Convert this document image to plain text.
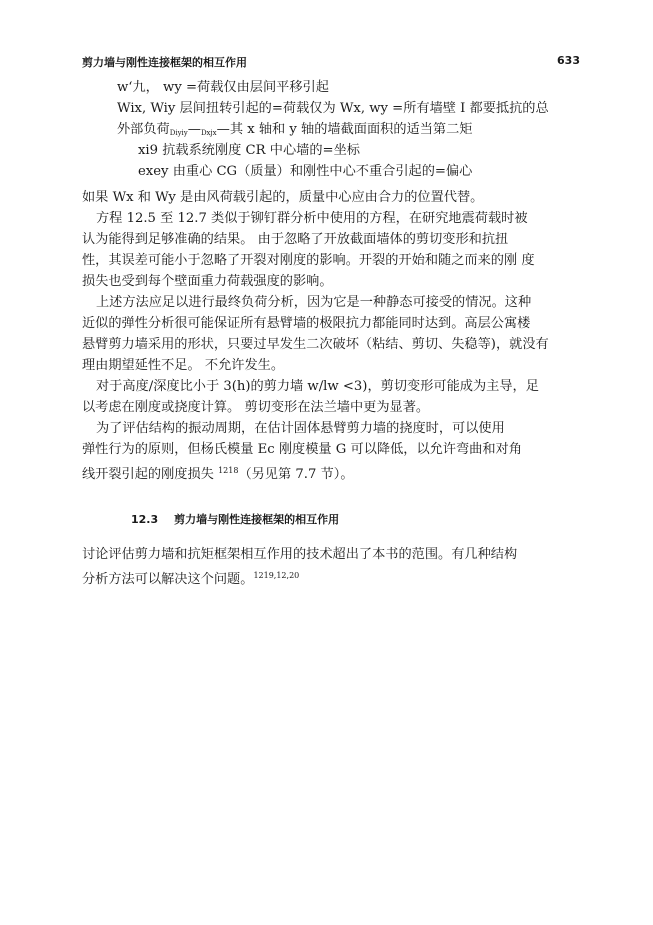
剪力墙与刚性连接框架的相互作用	633
w‘九， wy =荷载仅由层间平移引起
Wix, Wiy 层间扭转引起的=荷载仅为 Wx, wy =所有墙壁 I 都要抵抗的总
外部负荷$_{Diyiy}—_{Dxjx}—$其 x 轴和 y 轴的墙截面面积的适当第二矩
xi9 抗载系统刚度 CR 中心墙的=坐标
exey 由重心 CG（质量）和刚性中心不重合引起的=偏心
如果 Wx 和 Wy 是由风荷载引起的，质量中心应由合力的位置代替。
方程 12.5 至 12.7 类似于铆钉群分析中使用的方程，在研究地震荷载时被
认为能得到足够准确的结果。 由于忽略了开放截面墙体的剪切变形和抗扭
性，其误差可能小于忽略了开裂对刚度的影响。开裂的开始和随之而来的刚 度
损失也受到每个壁面重力荷载强度的影响。
上述方法应足以进行最终负荷分析，因为它是一种静态可接受的情况。这种
近似的弹性分析很可能保证所有悬臂墙的极限抗力都能同时达到。高层公寓楼
悬臂剪力墙采用的形状，只要过早发生二次破坏（粘结、剪切、失稳等)，就没有
理由期望延性不足。 不允许发生。
对于高度/深度比小于 3(h)的剪力墙 w/lw <3)，剪切变形可能成为主导，足
以考虑在刚度或挠度计算。 剪切变形在法兰墙中更为显著。
为了评估结构的振动周期，在估计固体悬臂剪力墙的挠度时，可以使用
弹性行为的原则，但杨氏模量 Ec 刚度模量 G 可以降低，以允许弯曲和对角
线开裂引起的刚度损失 $^{1218}$（另见第 7.7 节）。
12.3 剪力墙与刚性连接框架的相互作用
讨论评估剪力墙和抗矩框架相互作用的技术超出了本书的范围。有几种结构
分析方法可以解决这个问题。$^{1219,12,20}$
